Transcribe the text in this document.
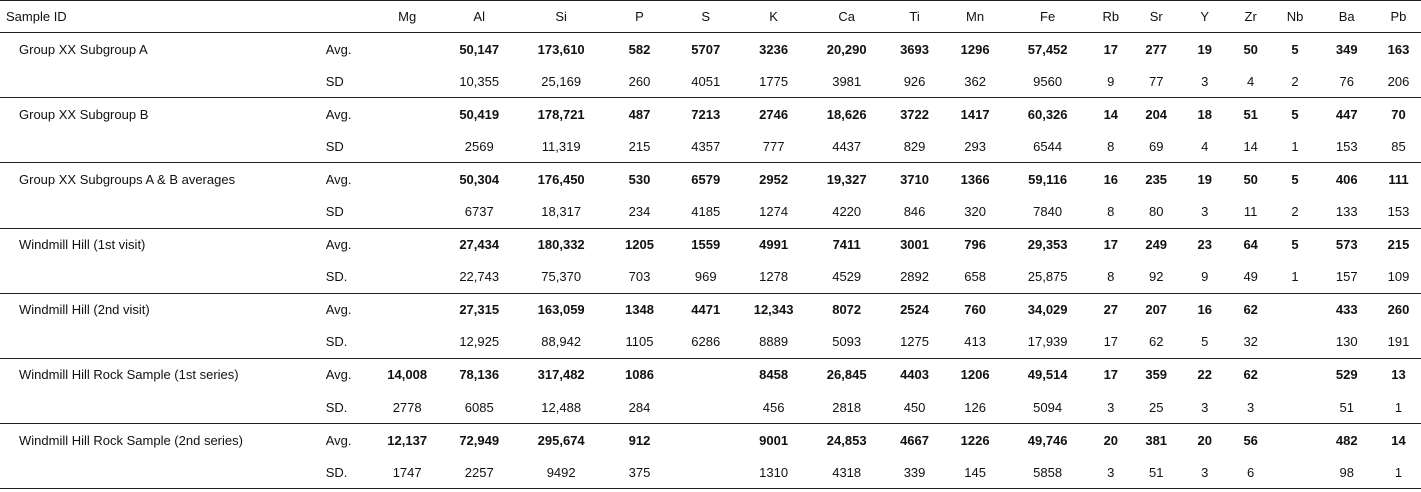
Sample ID		Mg	Al	Si	P	S	K	Ca	Ti	Mn	Fe	Rb	Sr	Y	Zr	Nb	Ba	Pb
Group XX Subgroup A	Avg.		50,147	173,610	582	5707	3236	20,290	3693	1296	57,452	17	277	19	50	5	349	163
	SD		10,355	25,169	260	4051	1775	3981	926	362	9560	9	77	3	4	2	76	206
Group XX Subgroup B	Avg.		50,419	178,721	487	7213	2746	18,626	3722	1417	60,326	14	204	18	51	5	447	70
	SD		2569	11,319	215	4357	777	4437	829	293	6544	8	69	4	14	1	153	85
Group XX Subgroups A & B averages	Avg.		50,304	176,450	530	6579	2952	19,327	3710	1366	59,116	16	235	19	50	5	406	111
	SD		6737	18,317	234	4185	1274	4220	846	320	7840	8	80	3	11	2	133	153
Windmill Hill (1st visit)	Avg.		27,434	180,332	1205	1559	4991	7411	3001	796	29,353	17	249	23	64	5	573	215
	SD.		22,743	75,370	703	969	1278	4529	2892	658	25,875	8	92	9	49	1	157	109
Windmill Hill (2nd visit)	Avg.		27,315	163,059	1348	4471	12,343	8072	2524	760	34,029	27	207	16	62		433	260
	SD.		12,925	88,942	1105	6286	8889	5093	1275	413	17,939	17	62	5	32		130	191
Windmill Hill Rock Sample (1st series)	Avg.	14,008	78,136	317,482	1086		8458	26,845	4403	1206	49,514	17	359	22	62		529	13
	SD.	2778	6085	12,488	284		456	2818	450	126	5094	3	25	3	3		51	1
Windmill Hill Rock Sample (2nd series)	Avg.	12,137	72,949	295,674	912		9001	24,853	4667	1226	49,746	20	381	20	56		482	14
	SD.	1747	2257	9492	375		1310	4318	339	145	5858	3	51	3	6		98	1
